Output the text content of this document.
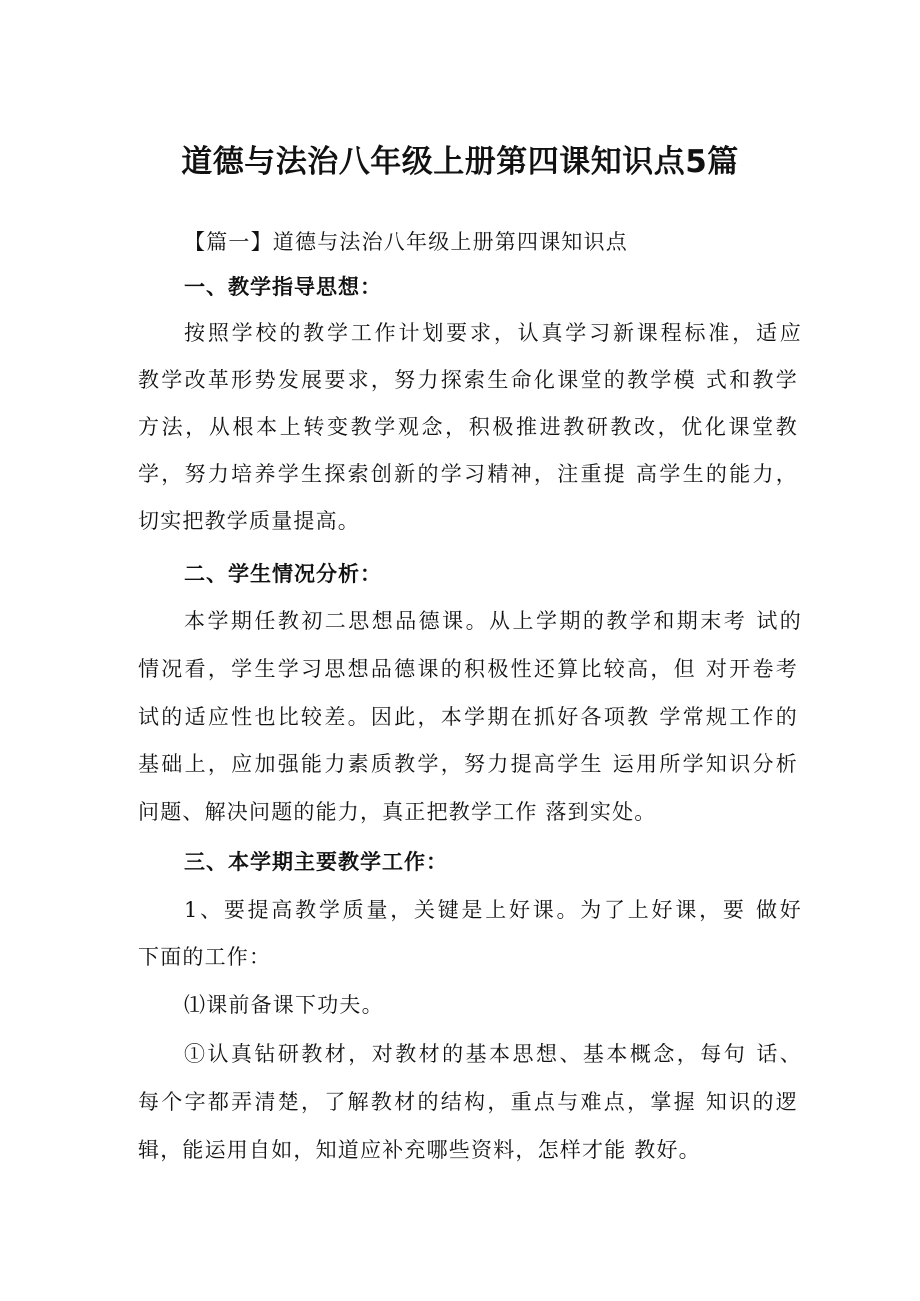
道德与法治八年级上册第四课知识点5篇

【篇一】道德与法治八年级上册第四课知识点

一、教学指导思想：

按照学校的教学工作计划要求，认真学习新课程标准，适应

教学改革形势发展要求，努力探索生命化课堂的教学模 式和教学

方法，从根本上转变教学观念，积极推进教研教改，优化课堂教

学，努力培养学生探索创新的学习精神，注重提 高学生的能力，

切实把教学质量提高。

二、学生情况分析：

本学期任教初二思想品德课。从上学期的教学和期末考 试的

情况看，学生学习思想品德课的积极性还算比较高，但 对开卷考

试的适应性也比较差。因此，本学期在抓好各项教 学常规工作的

基础上，应加强能力素质教学，努力提高学生 运用所学知识分析

问题、解决问题的能力，真正把教学工作 落到实处。

三、本学期主要教学工作：

1、要提高教学质量，关键是上好课。为了上好课，要 做好

下面的工作：

⑴课前备课下功夫。

①认真钻研教材，对教材的基本思想、基本概念，每句 话、

每个字都弄清楚，了解教材的结构，重点与难点，掌握 知识的逻

辑，能运用自如，知道应补充哪些资料，怎样才能 教好。
